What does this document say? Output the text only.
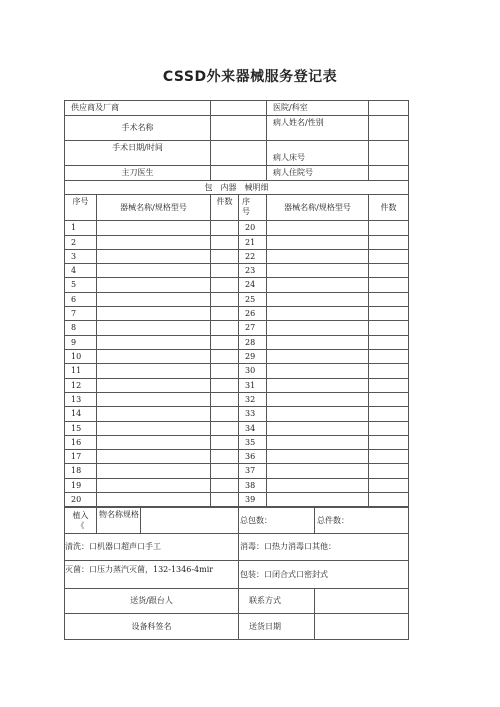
CSSD外来器械服务登记表
供应商及厂商				医院/科室	
手术名称				病人姓名/性别	
手术日期/时间				病人床号	
主刀医生				病人住院号	
包　内器　械明细					
序号	器械名称/规格型号	件数	序
号	器械名称/规格型号	件数
1			20		
2			21		
3			22		
4			23		
5			24		
6			25		
7			26		
8			27		
9			28		
10			29		
11			30		
12			31		
13			32		
14			33		
15			34		
16			35		
17			36		
18			37		
19			38		
20			39		
植入
《	物名称规格		总包数：	总件数：
清洗：口机器口超声口手工			消毒：口热力消毒口其他：	
灭菌：口压力蒸汽灭菌，132-1346-4mir			包装：口闭合式口密封式	
送货/跟台人			联系方式	
设备科签名			送货日期	
